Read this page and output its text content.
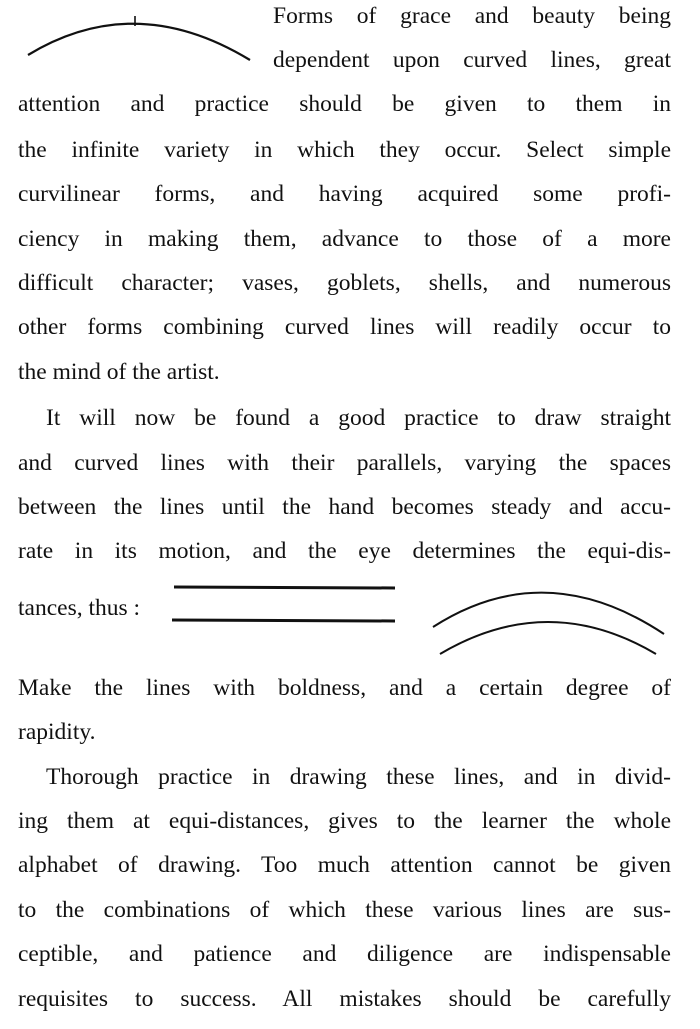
Forms of grace and beauty being
dependent upon curved lines, great
attention and practice should be given to them in
the infinite variety in which they occur. Select simple
curvilinear forms, and having acquired some profi-
ciency in making them, advance to those of a more
difficult character; vases, goblets, shells, and numerous
other forms combining curved lines will readily occur to
the mind of the artist.
It will now be found a good practice to draw straight
and curved lines with their parallels, varying the spaces
between the lines until the hand becomes steady and accu-
rate in its motion, and the eye determines the equi-dis-
tances, thus :
Make the lines with boldness, and a certain degree of
rapidity.
Thorough practice in drawing these lines, and in divid-
ing them at equi-distances, gives to the learner the whole
alphabet of drawing. Too much attention cannot be given
to the combinations of which these various lines are sus-
ceptible, and patience and diligence are indispensable
requisites to success. All mistakes should be carefully
